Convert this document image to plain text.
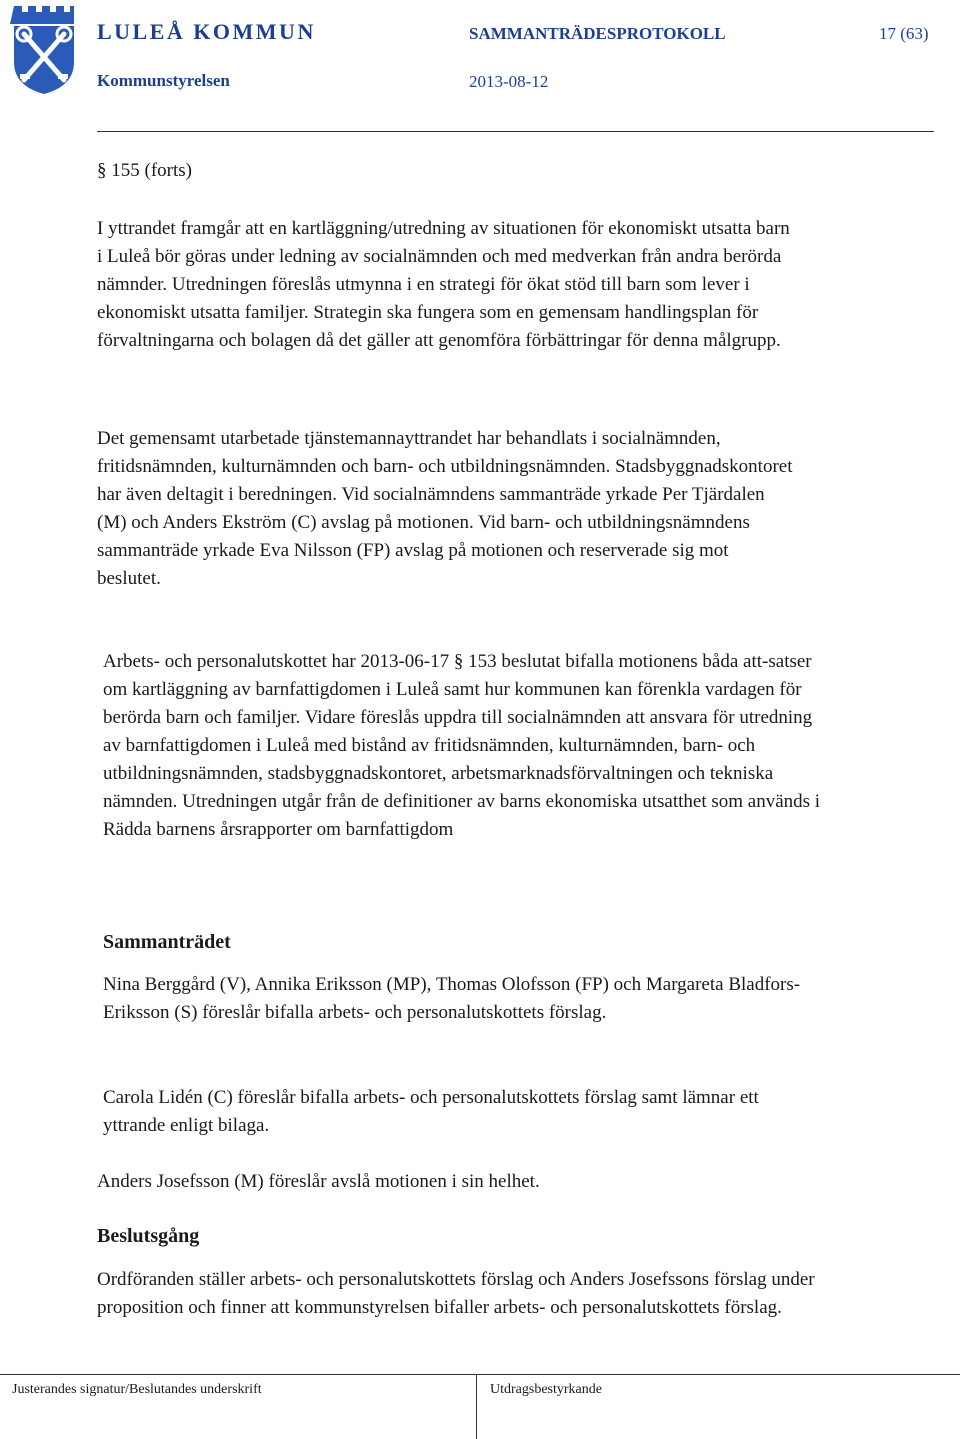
LULEÅ KOMMUN
Kommunstyrelsen
SAMMANTRÄDESPROTOKOLL
2013-08-12
17 (63)
§ 155 (forts)

I yttrandet framgår att en kartläggning/utredning av situationen för ekonomiskt utsatta barn i Luleå bör göras under ledning av socialnämnden och med medverkan från andra berörda nämnder. Utredningen föreslås utmynna i en strategi för ökat stöd till barn som lever i ekonomiskt utsatta familjer. Strategin ska fungera som en gemensam handlingsplan för förvaltningarna och bolagen då det gäller att genomföra förbättringar för denna målgrupp.

Det gemensamt utarbetade tjänstemannayttrandet har behandlats i socialnämnden, fritidsnämnden, kulturnämnden och barn- och utbildningsnämnden. Stadsbyggnadskontoret har även deltagit i beredningen. Vid socialnämndens sammanträde yrkade Per Tjärdalen (M) och Anders Ekström (C) avslag på motionen. Vid barn- och utbildningsnämndens sammanträde yrkade Eva Nilsson (FP) avslag på motionen och reserverade sig mot beslutet.

Arbets- och personalutskottet har 2013-06-17 § 153 beslutat bifalla motionens båda att-satser om kartläggning av barnfattigdomen i Luleå samt hur kommunen kan förenkla vardagen för berörda barn och familjer. Vidare föreslås uppdra till socialnämnden att ansvara för utredning av barnfattigdomen i Luleå med bistånd av fritidsnämnden, kulturnämnden, barn- och utbildningsnämnden, stadsbyggnadskontoret, arbetsmarknadsförvaltningen och tekniska nämnden. Utredningen utgår från de definitioner av barns ekonomiska utsatthet som används i Rädda barnens årsrapporter om barnfattigdom

Sammanträdet

Nina Berggård (V), Annika Eriksson (MP), Thomas Olofsson (FP) och Margareta Bladfors-Eriksson (S) föreslår bifalla arbets- och personalutskottets förslag.

Carola Lidén (C) föreslår bifalla arbets- och personalutskottets förslag samt lämnar ett yttrande enligt bilaga.

Anders Josefsson (M) föreslår avslå motionen i sin helhet.

Beslutsgång

Ordföranden ställer arbets- och personalutskottets förslag och Anders Josefssons förslag under proposition och finner att kommunstyrelsen bifaller arbets- och personalutskottets förslag.

Justerandes signatur/Beslutandes underskrift	Utdragsbestyrkande
